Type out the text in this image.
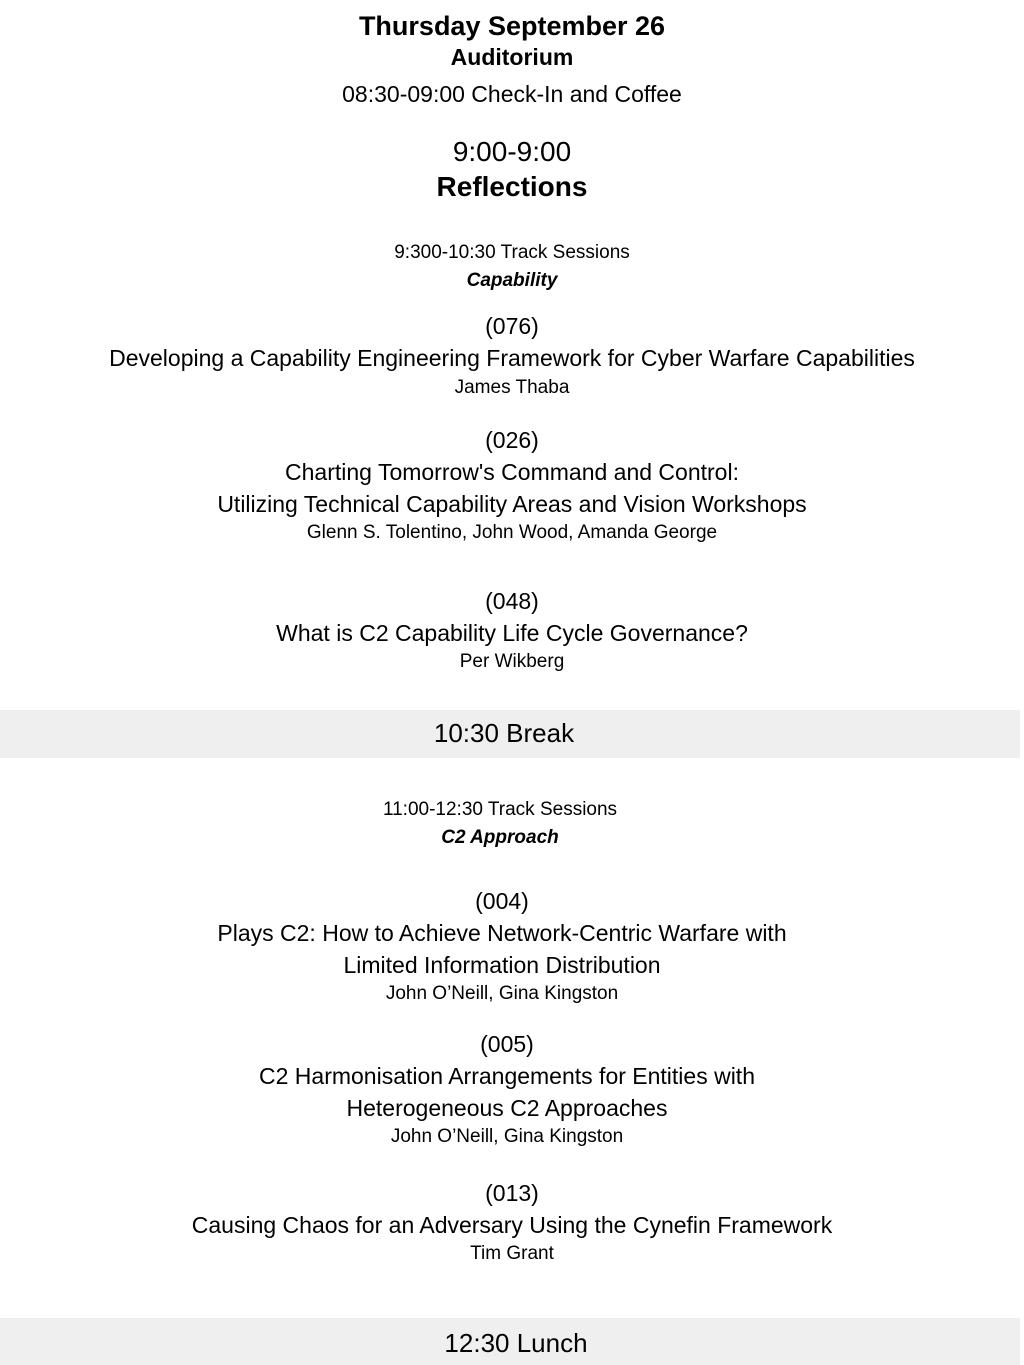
Thursday September 26
Auditorium
08:30-09:00 Check-In and Coffee
9:00-9:00
Reflections
9:300-10:30 Track Sessions
Capability
(076)
Developing a Capability Engineering Framework for Cyber Warfare Capabilities
James Thaba
(026)
Charting Tomorrow's Command and Control:
Utilizing Technical Capability Areas and Vision Workshops
Glenn S. Tolentino, John Wood, Amanda George
(048)
What is C2 Capability Life Cycle Governance?
Per Wikberg
10:30 Break
11:00-12:30 Track Sessions
C2 Approach
(004)
Plays C2: How to Achieve Network-Centric Warfare with
Limited Information Distribution
John O’Neill, Gina Kingston
(005)
C2 Harmonisation Arrangements for Entities with
Heterogeneous C2 Approaches
John O’Neill, Gina Kingston
(013)
Causing Chaos for an Adversary Using the Cynefin Framework
Tim Grant
12:30 Lunch
